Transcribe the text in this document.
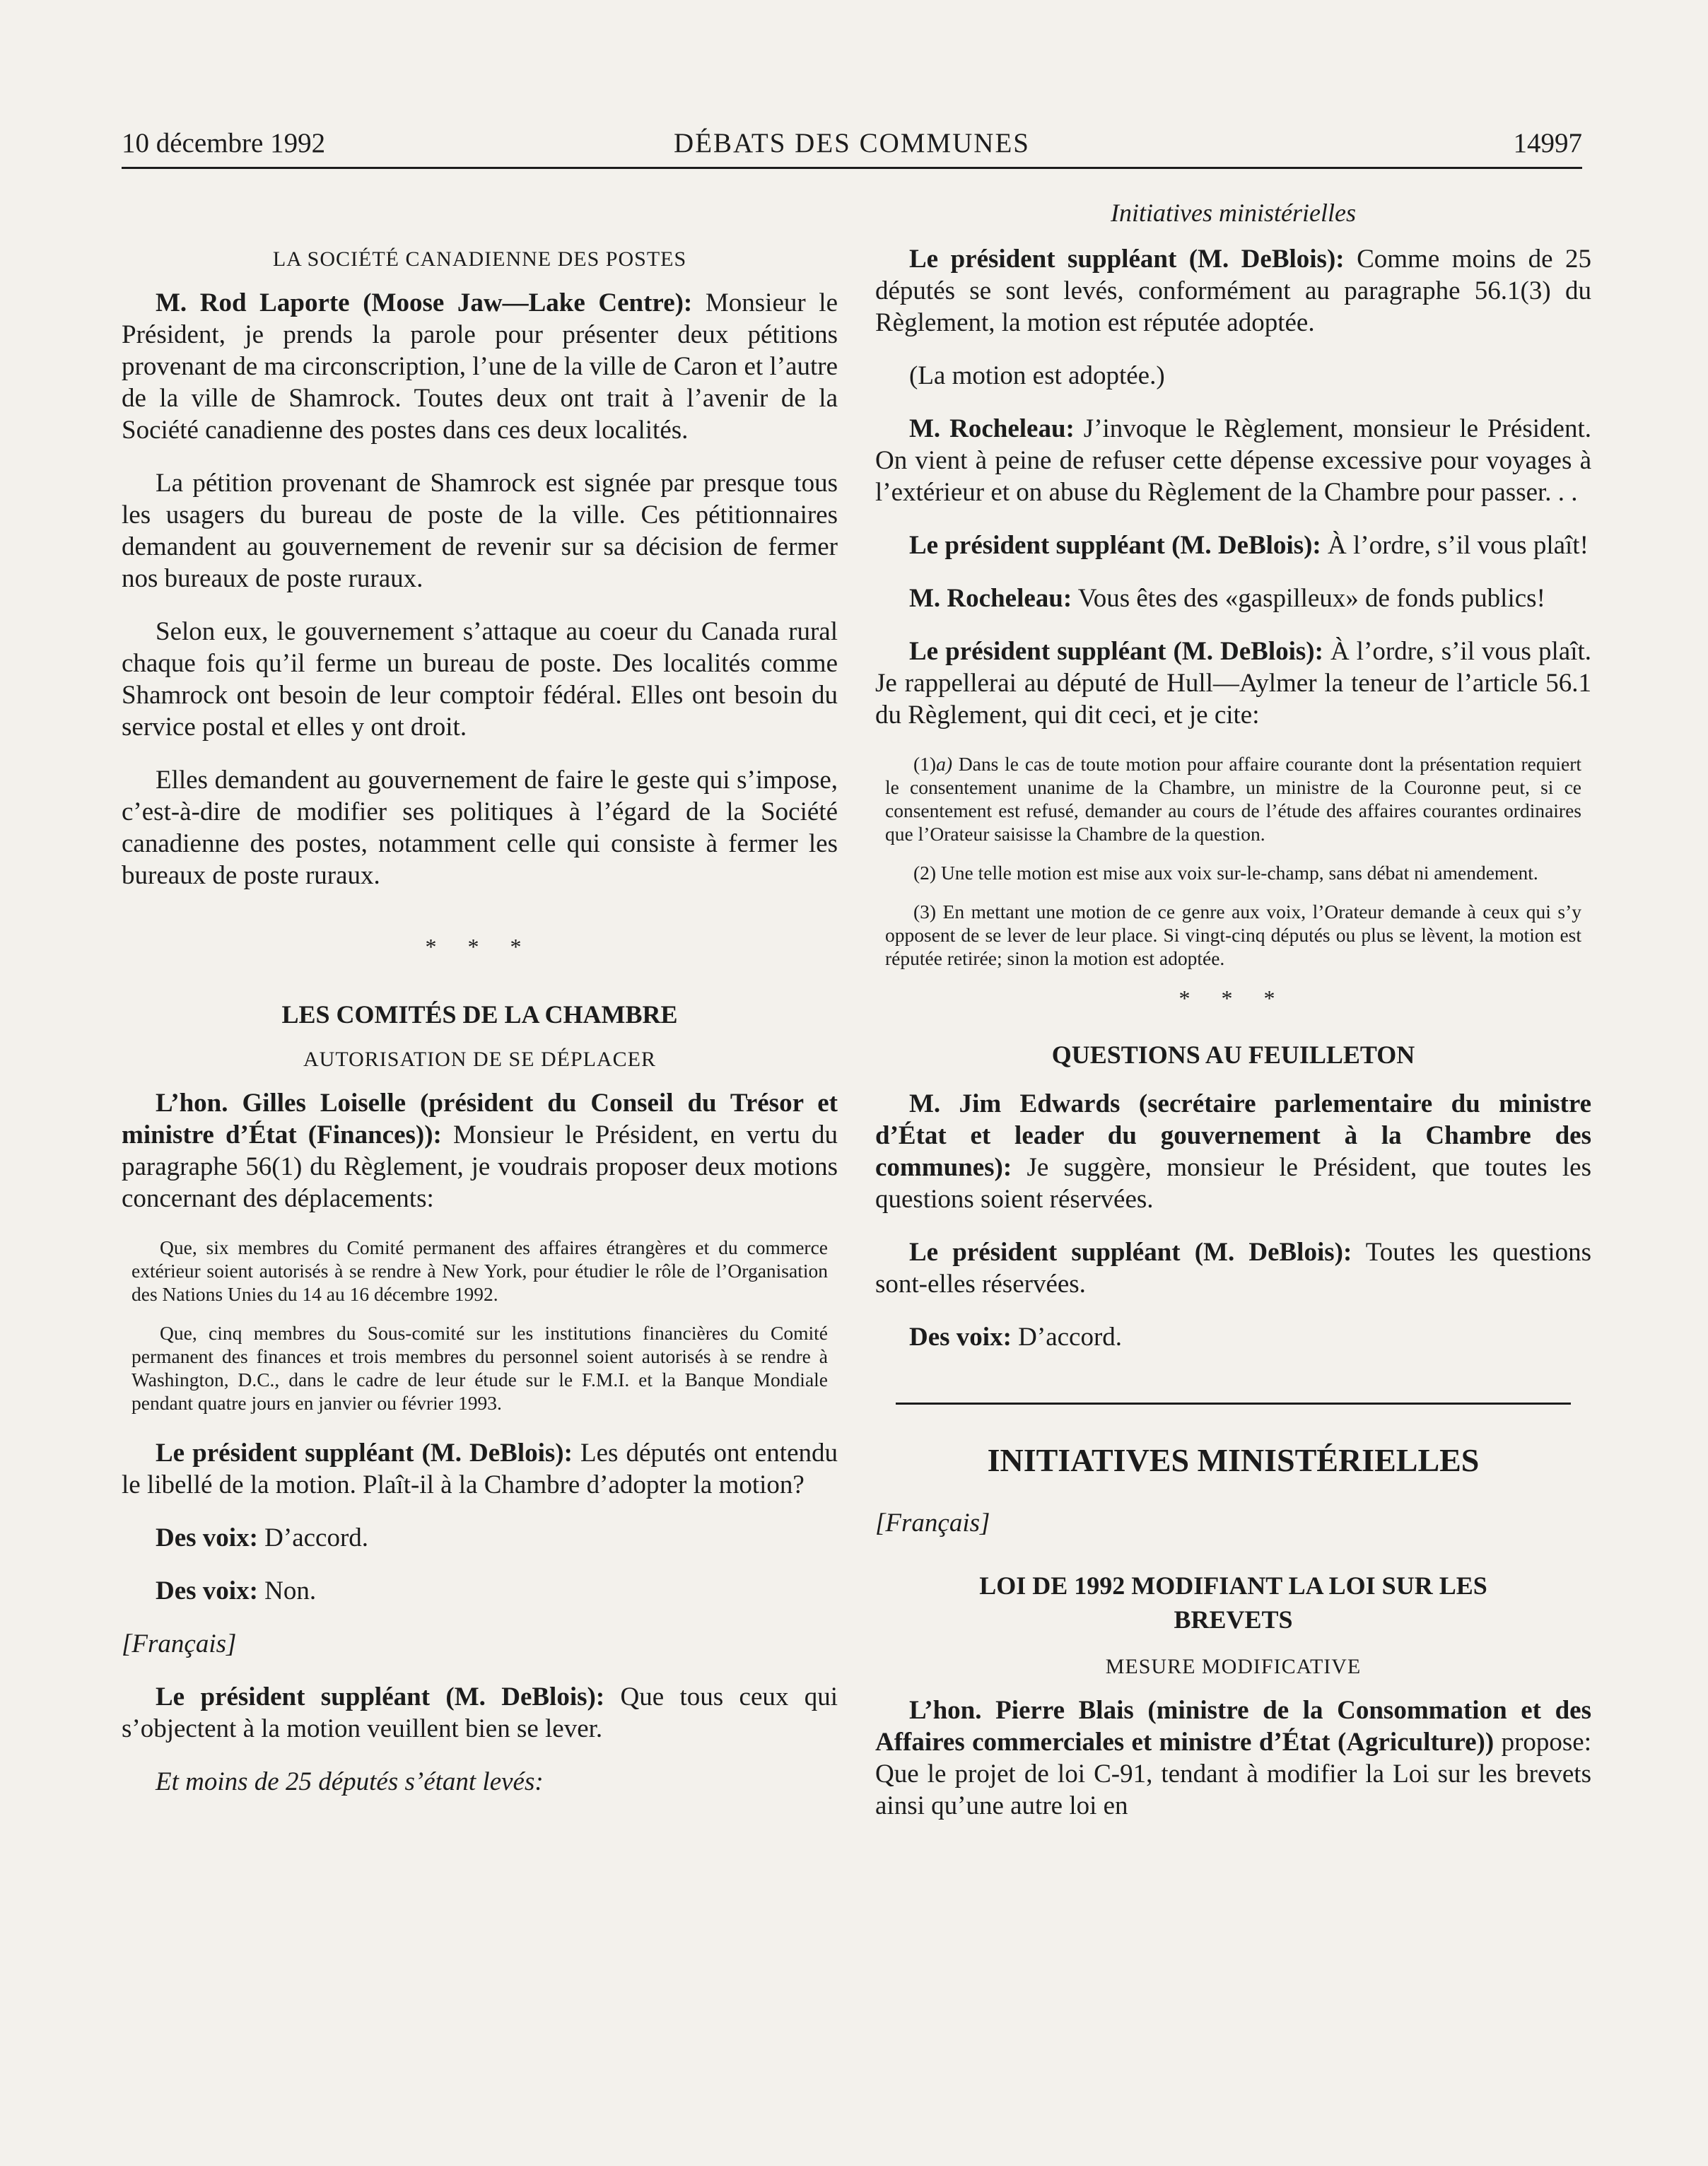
10 décembre 1992	DÉBATS DES COMMUNES	14997

LA SOCIÉTÉ CANADIENNE DES POSTES

M. Rod Laporte (Moose Jaw—Lake Centre): Monsieur le Président, je prends la parole pour présenter deux pétitions provenant de ma circonscription, l’une de la ville de Caron et l’autre de la ville de Shamrock. Toutes deux ont trait à l’avenir de la Société canadienne des postes dans ces deux localités.

La pétition provenant de Shamrock est signée par presque tous les usagers du bureau de poste de la ville. Ces pétitionnaires demandent au gouvernement de revenir sur sa décision de fermer nos bureaux de poste ruraux.

Selon eux, le gouvernement s’attaque au coeur du Canada rural chaque fois qu’il ferme un bureau de poste. Des localités comme Shamrock ont besoin de leur comptoir fédéral. Elles ont besoin du service postal et elles y ont droit.

Elles demandent au gouvernement de faire le geste qui s’impose, c’est-à-dire de modifier ses politiques à l’égard de la Société canadienne des postes, notamment celle qui consiste à fermer les bureaux de poste ruraux.

* * *

LES COMITÉS DE LA CHAMBRE

AUTORISATION DE SE DÉPLACER

L’hon. Gilles Loiselle (président du Conseil du Trésor et ministre d’État (Finances)): Monsieur le Président, en vertu du paragraphe 56(1) du Règlement, je voudrais proposer deux motions concernant des déplacements:

Que, six membres du Comité permanent des affaires étrangères et du commerce extérieur soient autorisés à se rendre à New York, pour étudier le rôle de l’Organisation des Nations Unies du 14 au 16 décembre 1992.

Que, cinq membres du Sous-comité sur les institutions financières du Comité permanent des finances et trois membres du personnel soient autorisés à se rendre à Washington, D.C., dans le cadre de leur étude sur le F.M.I. et la Banque Mondiale pendant quatre jours en janvier ou février 1993.

Le président suppléant (M. DeBlois): Les députés ont entendu le libellé de la motion. Plaît-il à la Chambre d’adopter la motion?

Des voix: D’accord.

Des voix: Non.

[Français]

Le président suppléant (M. DeBlois): Que tous ceux qui s’objectent à la motion veuillent bien se lever.

Et moins de 25 députés s’étant levés:

Initiatives ministérielles

Le président suppléant (M. DeBlois): Comme moins de 25 députés se sont levés, conformément au paragraphe 56.1(3) du Règlement, la motion est réputée adoptée.

(La motion est adoptée.)

M. Rocheleau: J’invoque le Règlement, monsieur le Président. On vient à peine de refuser cette dépense excessive pour voyages à l’extérieur et on abuse du Règlement de la Chambre pour passer. . .

Le président suppléant (M. DeBlois): À l’ordre, s’il vous plaît!

M. Rocheleau: Vous êtes des «gaspilleux» de fonds publics!

Le président suppléant (M. DeBlois): À l’ordre, s’il vous plaît. Je rappellerai au député de Hull—Aylmer la teneur de l’article 56.1 du Règlement, qui dit ceci, et je cite:

(1)a) Dans le cas de toute motion pour affaire courante dont la présentation requiert le consentement unanime de la Chambre, un ministre de la Couronne peut, si ce consentement est refusé, demander au cours de l’étude des affaires courantes ordinaires que l’Orateur saisisse la Chambre de la question.

(2) Une telle motion est mise aux voix sur-le-champ, sans débat ni amendement.

(3) En mettant une motion de ce genre aux voix, l’Orateur demande à ceux qui s’y opposent de se lever de leur place. Si vingt-cinq députés ou plus se lèvent, la motion est réputée retirée; sinon la motion est adoptée.

* * *

QUESTIONS AU FEUILLETON

M. Jim Edwards (secrétaire parlementaire du ministre d’État et leader du gouvernement à la Chambre des communes): Je suggère, monsieur le Président, que toutes les questions soient réservées.

Le président suppléant (M. DeBlois): Toutes les questions sont-elles réservées.

Des voix: D’accord.

INITIATIVES MINISTÉRIELLES

[Français]

LOI DE 1992 MODIFIANT LA LOI SUR LES BREVETS

MESURE MODIFICATIVE

L’hon. Pierre Blais (ministre de la Consommation et des Affaires commerciales et ministre d’État (Agriculture)) propose: Que le projet de loi C-91, tendant à modifier la Loi sur les brevets ainsi qu’une autre loi en
